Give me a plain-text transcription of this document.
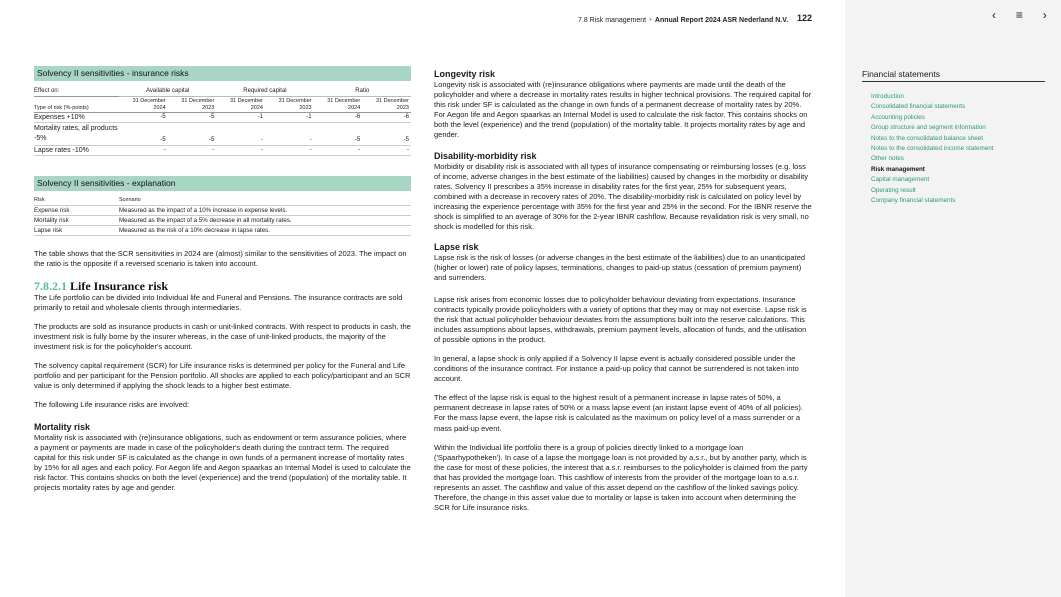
7.8 Risk management • Annual Report 2024 ASR Nederland N.V. 122
Solvency II sensitivities - insurance risks
Effect on:	Available capital		Required capital		Ratio	
Type of risk (%-points)	31 December 2024	31 December 2023	31 December 2024	31 December 2023	31 December 2024	31 December 2023
Expenses +10%	-5	-5	-1	-1	-6	-6
Mortality rates, all products -5%	-5	-5	-	-	-5	-5
Lapse rates -10%	-	-	-	-	-	-
Solvency II sensitivities - explanation
Risk	Scenario
Expense risk	Measured as the impact of a 10% increase in expense levels.
Mortality risk	Measured as the impact of a 5% decrease in all mortality rates.
Lapse risk	Measured as the risk of a 10% decrease in lapse rates.

The table shows that the SCR sensitivities in 2024 are (almost) similar to the sensitivities of 2023. The impact on the ratio is the opposite if a reversed scenario is taken into account.

7.8.2.1 Life Insurance risk

The Life portfolio can be divided into Individual life and Funeral and Pensions. The insurance contracts are sold primarily to retail and wholesale clients through intermediaries.

The products are sold as insurance products in cash or unit-linked contracts. With respect to products in cash, the investment risk is fully borne by the insurer whereas, in the case of unit-linked products, the majority of the investment risk is for the policyholder's account.

The solvency capital requirement (SCR) for Life insurance risks is determined per policy for the Funeral and Life portfolio and per participant for the Pension portfolio. All shocks are applied to each policy/participant and an SCR value is only determined if applying the shock leads to a higher best estimate.

The following Life insurance risks are involved:

Mortality risk

Mortality risk is associated with (re)insurance obligations, such as endowment or term assurance policies, where a payment or payments are made in case of the policyholder's death during the contract term. The required capital for this risk under SF is calculated as the change in own funds of a permanent increase of mortality rates by 15% for all ages and each policy. For Aegon life and Aegon spaarkas an Internal Model is used to calculate the risk factor. This contains shocks on both the level (experience) and the trend (population) of the mortality table. It projects mortality rates by age and gender.

Longevity risk

Longevity risk is associated with (re)insurance obligations where payments are made until the death of the policyholder and where a decrease in mortality rates results in higher technical provisions. The required capital for this risk under SF is calculated as the change in own funds of a permanent decrease of mortality rates by 20%. For Aegon life and Aegon spaarkas an Internal Model is used to calculate the risk factor. This contains shocks on both the level (experience) and the trend (population) of the mortality table. It projects mortality rates by age and gender.

Disability-morbidity risk

Morbidity or disability risk is associated with all types of insurance compensating or reimbursing losses (e.g. loss of income, adverse changes in the best estimate of the liabilities) caused by changes in the morbidity or disability rates. Solvency II prescribes a 35% increase in disability rates for the first year, 25% for subsequent years, combined with a decrease in recovery rates of 20%. The disability-morbidity risk is calculated on policy level by increasing the experience percentage with 35% for the first year and 25% in the second. For the IBNR reserve the shock is simplified to an average of 30% for the 2-year IBNR cashflow. Because revalidation risk is very small, no shock is modelled for this risk.

Lapse risk

Lapse risk is the risk of losses (or adverse changes in the best estimate of the liabilities) due to an unanticipated (higher or lower) rate of policy lapses, terminations, changes to paid-up status (cessation of premium payment) and surrenders.

Lapse risk arises from economic losses due to policyholder behaviour deviating from expectations. Insurance contracts typically provide policyholders with a variety of options that they may or may not exercise. Lapse risk is the risk that actual policyholder behaviour deviates from the assumptions built into the reserve calculations. This includes assumptions about lapses, withdrawals, premium payment levels, allocation of funds, and the utilisation of possible options in the product.

In general, a lapse shock is only applied if a Solvency II lapse event is actually considered possible under the conditions of the insurance contract. For instance a paid-up policy that cannot be surrendered is not taken into account.

The effect of the lapse risk is equal to the highest result of a permanent increase in lapse rates of 50%, a permanent decrease in lapse rates of 50% or a mass lapse event (an instant lapse event of 40% of all policies). For the mass lapse event, the lapse risk is calculated as the maximum on policy level of a mass surrender or a mass paid-up event.

Within the Individual life portfolio there is a group of policies directly linked to a mortgage loan ('Spaarhypotheken'). In case of a lapse the mortgage loan is not provided by a.s.r., but by another party, which is the case for most of these policies, the interest that a.s.r. reimburses to the policyholder is claimed from the party that has provided the mortgage loan. This cashflow of interests from the provider of the mortgage loan to a.s.r. represents an asset. The cashflow and value of this asset depend on the cashflow of the linked savings policy. Therefore, the change in this asset value due to mortality or lapse is taken into account when determining the SCR for Life insurance risks.

‹ ≡ ›
Financial statements
Introduction
Consolidated financial statements
Accounting policies
Group structure and segment information
Notes to the consolidated balance sheet
Notes to the consolidated income statement
Other notes
Risk management
Capital management
Operating result
Company financial statements
